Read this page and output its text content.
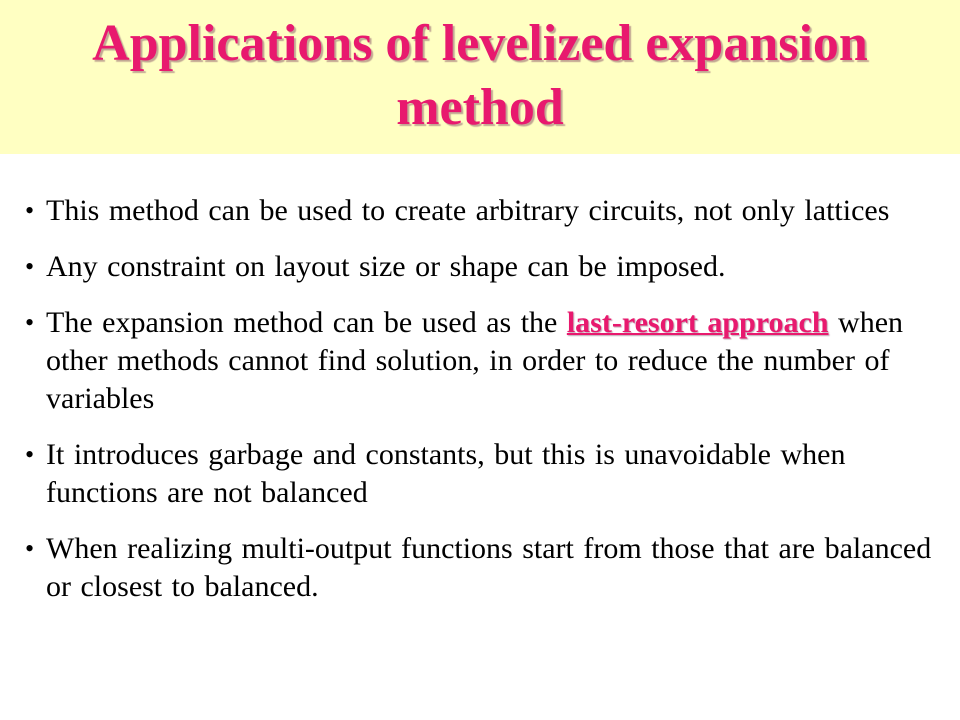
Applications of levelized expansion
method
• This method can be used to create arbitrary circuits, not only lattices
• Any constraint on layout size or shape can be imposed.
• The expansion method can be used as the last-resort approach when other methods cannot find solution, in order to reduce the number of variables
• It introduces garbage and constants, but this is unavoidable when functions are not balanced
• When realizing multi-output functions start from those that are balanced or closest to balanced.
